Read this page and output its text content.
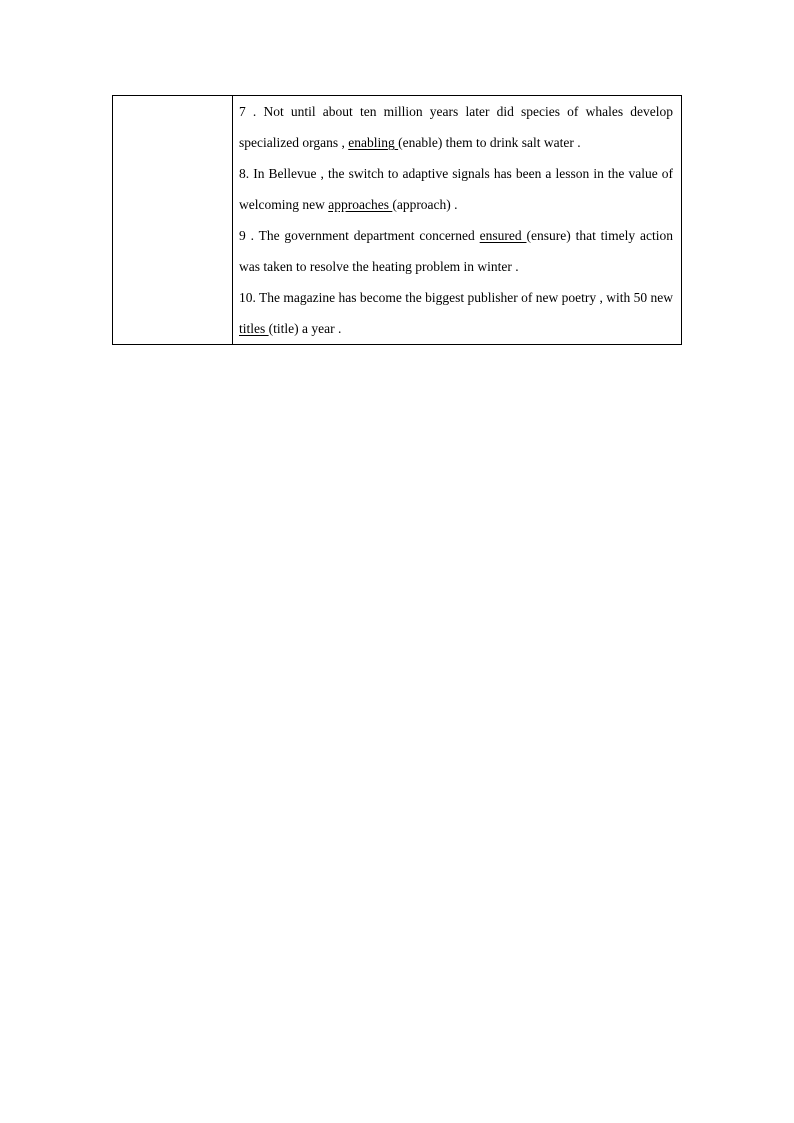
7 . Not until about ten million years later did species of whales develop specialized organs , enabling (enable) them to drink salt water .

8. In Bellevue , the switch to adaptive signals has been a lesson in the value of welcoming new approaches (approach) .

9 . The government department concerned ensured (ensure) that timely action was taken to resolve the heating problem in winter .

10. The magazine has become the biggest publisher of new poetry , with 50 new titles (title) a year .
